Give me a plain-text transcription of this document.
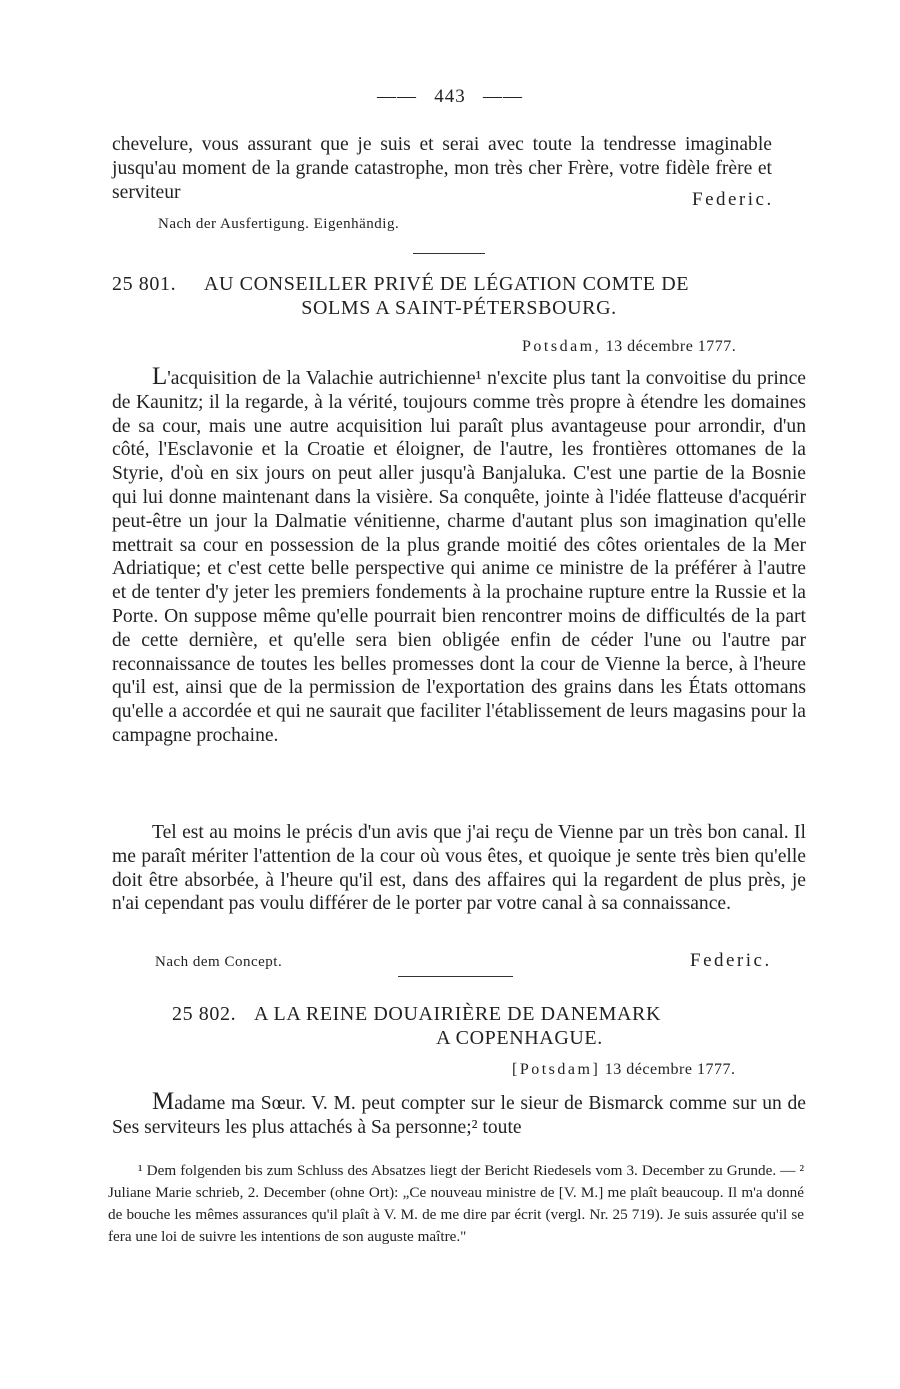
—— 443 ——
chevelure, vous assurant que je suis et serai avec toute la tendresse imaginable jusqu'au moment de la grande catastrophe, mon très cher Frère, votre fidèle frère et serviteur	Federic.
Nach der Ausfertigung. Eigenhändig.
25 801. AU CONSEILLER PRIVÉ DE LÉGATION COMTE DE
SOLMS A SAINT-PÉTERSBOURG.
Potsdam, 13 décembre 1777.
L'acquisition de la Valachie autrichienne¹ n'excite plus tant la convoitise du prince de Kaunitz; il la regarde, à la vérité, toujours comme très propre à étendre les domaines de sa cour, mais une autre acquisition lui paraît plus avantageuse pour arrondir, d'un côté, l'Esclavonie et la Croatie et éloigner, de l'autre, les frontières ottomanes de la Styrie, d'où en six jours on peut aller jusqu'à Banjaluka. C'est une partie de la Bosnie qui lui donne maintenant dans la visière. Sa conquête, jointe à l'idée flatteuse d'acquérir peut-être un jour la Dalmatie vénitienne, charme d'autant plus son imagination qu'elle mettrait sa cour en possession de la plus grande moitié des côtes orientales de la Mer Adriatique; et c'est cette belle perspective qui anime ce ministre de la préférer à l'autre et de tenter d'y jeter les premiers fondements à la prochaine rupture entre la Russie et la Porte. On suppose même qu'elle pourrait bien rencontrer moins de difficultés de la part de cette dernière, et qu'elle sera bien obligée enfin de céder l'une ou l'autre par reconnaissance de toutes les belles promesses dont la cour de Vienne la berce, à l'heure qu'il est, ainsi que de la permission de l'exportation des grains dans les États ottomans qu'elle a accordée et qui ne saurait que faciliter l'établissement de leurs magasins pour la campagne prochaine.
Tel est au moins le précis d'un avis que j'ai reçu de Vienne par un très bon canal. Il me paraît mériter l'attention de la cour où vous êtes, et quoique je sente très bien qu'elle doit être absorbée, à l'heure qu'il est, dans des affaires qui la regardent de plus près, je n'ai cependant pas voulu différer de le porter par votre canal à sa connaissance.
Nach dem Concept.	Federic.
25 802. A LA REINE DOUAIRIÈRE DE DANEMARK
A COPENHAGUE.
[Potsdam] 13 décembre 1777.
Madame ma Sœur. V. M. peut compter sur le sieur de Bismarck comme sur un de Ses serviteurs les plus attachés à Sa personne;² toute
¹ Dem folgenden bis zum Schluss des Absatzes liegt der Bericht Riedesels vom 3. December zu Grunde. — ² Juliane Marie schrieb, 2. December (ohne Ort): „Ce nouveau ministre de [V. M.] me plaît beaucoup. Il m'a donné de bouche les mêmes assurances qu'il plaît à V. M. de me dire par écrit (vergl. Nr. 25 719). Je suis assurée qu'il se fera une loi de suivre les intentions de son auguste maître."
